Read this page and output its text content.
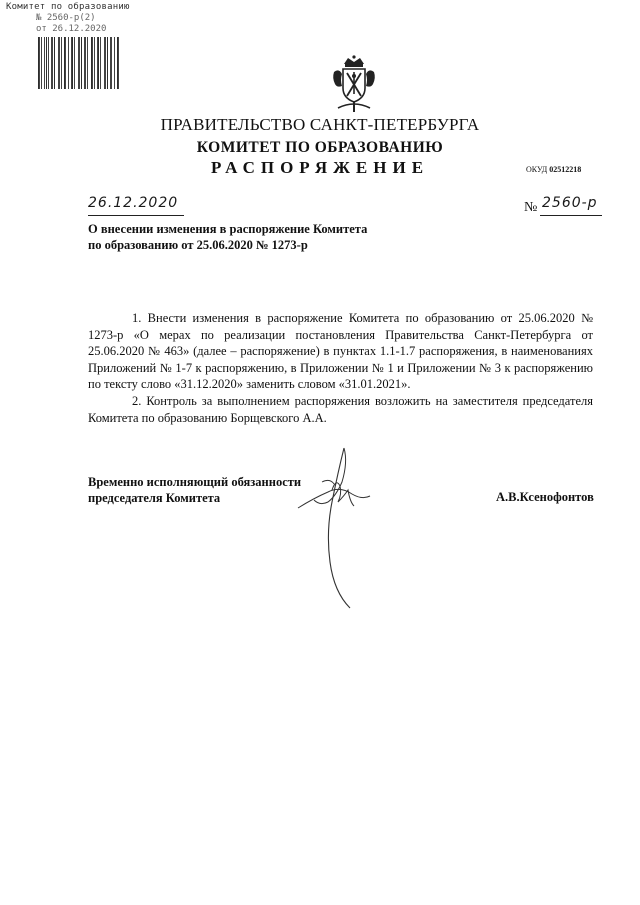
Комитет по образованию
№ 2560-р(2)
от 26.12.2020
ПРАВИТЕЛЬСТВО САНКТ-ПЕТЕРБУРГА
КОМИТЕТ ПО ОБРАЗОВАНИЮ
РАСПОРЯЖЕНИЕ	ОКУД 02512218
26.12.2020	№ 2560-р
О внесении изменения в распоряжение Комитета
по образованию от 25.06.2020 № 1273-р

1. Внести изменения в распоряжение Комитета по образованию от 25.06.2020 № 1273-р «О мерах по реализации постановления Правительства Санкт-Петербурга от 25.06.2020 № 463» (далее – распоряжение) в пунктах 1.1-1.7 распоряжения, в наименованиях Приложений № 1-7 к распоряжению, в Приложении № 1 и Приложении № 3 к распоряжению по тексту слово «31.12.2020» заменить словом «31.01.2021».

2. Контроль за выполнением распоряжения возложить на заместителя председателя Комитета по образованию Борщевского А.А.

Временно исполняющий обязанности
председателя Комитета	А.В.Ксенофонтов
